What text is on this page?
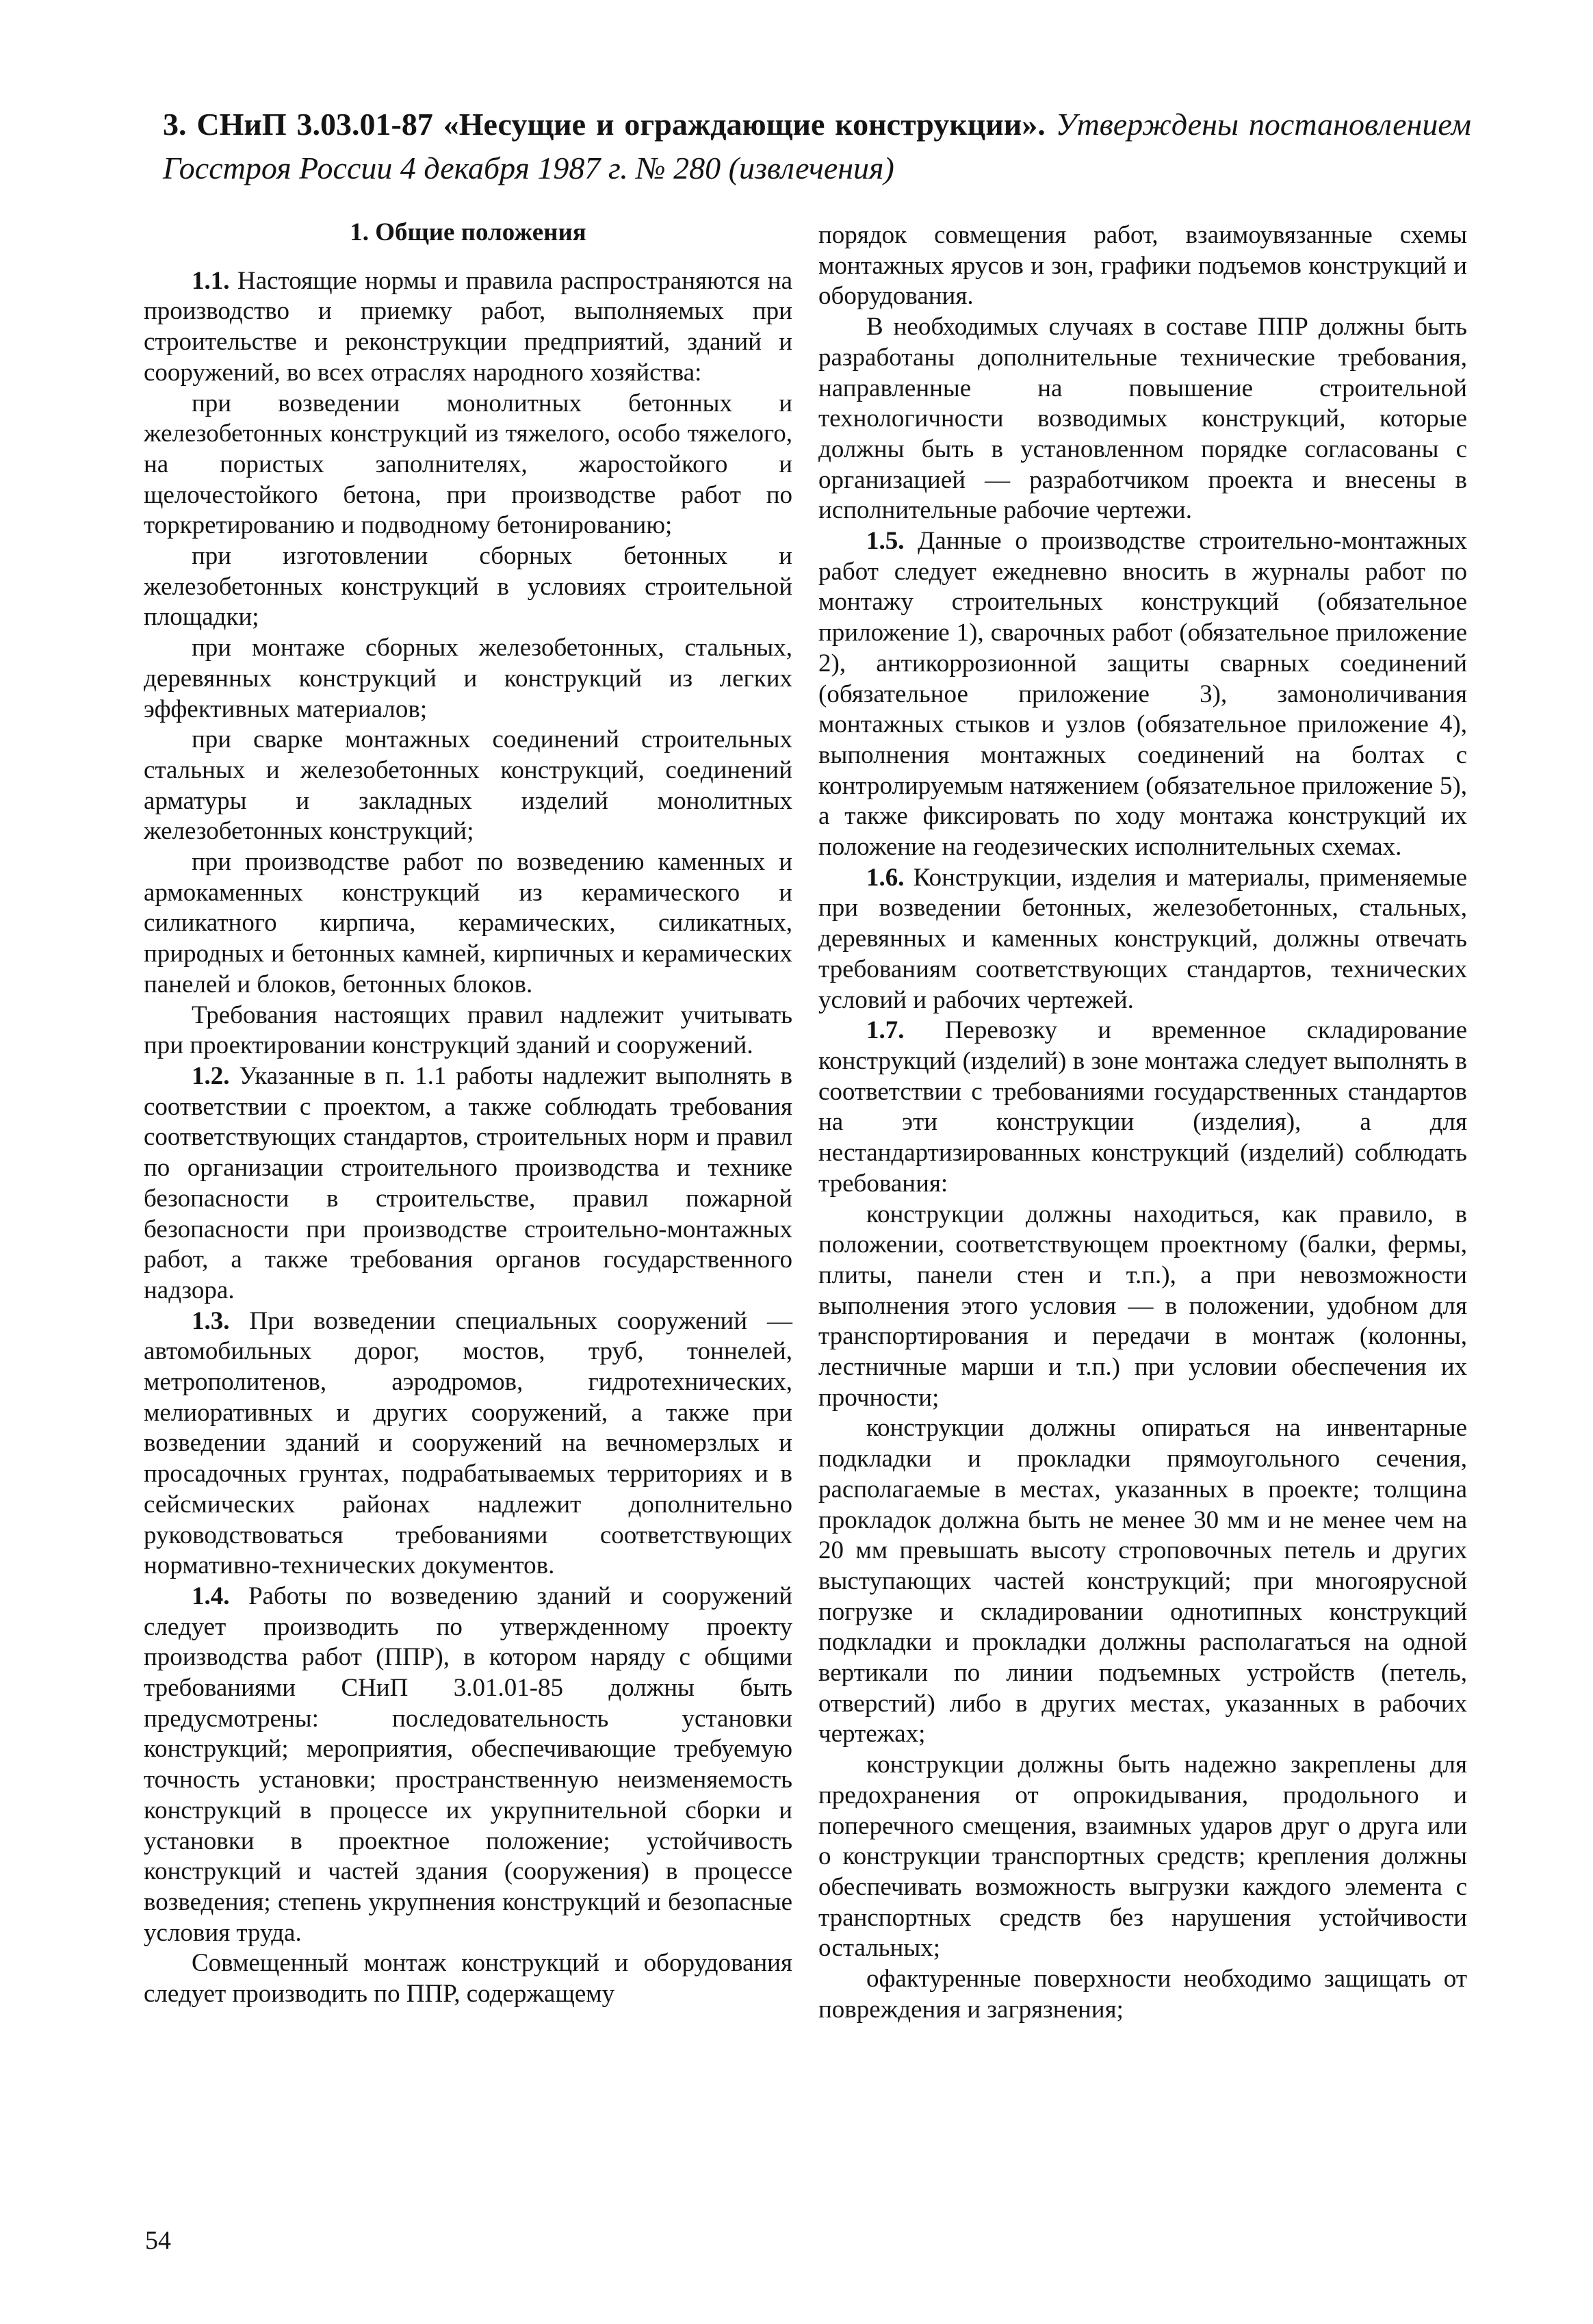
3. СНиП 3.03.01-87 «Несущие и ограждающие конструкции». Утверждены постановлением Госстроя России 4 декабря 1987 г. № 280 (извлечения)
1. Общие положения

1.1. Настоящие нормы и правила распространяются на производство и приемку работ, выполняемых при строительстве и реконструкции предприятий, зданий и сооружений, во всех отраслях народного хозяйства:

при возведении монолитных бетонных и железобетонных конструкций из тяжелого, особо тяжелого, на пористых заполнителях, жаростойкого и щелочестойкого бетона, при производстве работ по торкретированию и подводному бетонированию;

при изготовлении сборных бетонных и железобетонных конструкций в условиях строительной площадки;

при монтаже сборных железобетонных, стальных, деревянных конструкций и конструкций из легких эффективных материалов;

при сварке монтажных соединений строительных стальных и железобетонных конструкций, соединений арматуры и закладных изделий монолитных железобетонных конструкций;

при производстве работ по возведению каменных и армокаменных конструкций из керамического и силикатного кирпича, керамических, силикатных, природных и бетонных камней, кирпичных и керамических панелей и блоков, бетонных блоков.

Требования настоящих правил надлежит учитывать при проектировании конструкций зданий и сооружений.

1.2. Указанные в п. 1.1 работы надлежит выполнять в соответствии с проектом, а также соблюдать требования соответствующих стандартов, строительных норм и правил по организации строительного производства и технике безопасности в строительстве, правил пожарной безопасности при производстве строительно-монтажных работ, а также требования органов государственного надзора.

1.3. При возведении специальных сооружений — автомобильных дорог, мостов, труб, тоннелей, метрополитенов, аэродромов, гидротехнических, мелиоративных и других сооружений, а также при возведении зданий и сооружений на вечномерзлых и просадочных грунтах, подрабатываемых территориях и в сейсмических районах надлежит дополнительно руководствоваться требованиями соответствующих нормативно-технических документов.

1.4. Работы по возведению зданий и сооружений следует производить по утвержденному проекту производства работ (ППР), в котором наряду с общими требованиями СНиП 3.01.01-85 должны быть предусмотрены: последовательность установки конструкций; мероприятия, обеспечивающие требуемую точность установки; пространственную неизменяемость конструкций в процессе их укрупнительной сборки и установки в проектное положение; устойчивость конструкций и частей здания (сооружения) в процессе возведения; степень укрупнения конструкций и безопасные условия труда.

Совмещенный монтаж конструкций и оборудования следует производить по ППР, содержащему

порядок совмещения работ, взаимоувязанные схемы монтажных ярусов и зон, графики подъемов конструкций и оборудования.

В необходимых случаях в составе ППР должны быть разработаны дополнительные технические требования, направленные на повышение строительной технологичности возводимых конструкций, которые должны быть в установленном порядке согласованы с организацией — разработчиком проекта и внесены в исполнительные рабочие чертежи.

1.5. Данные о производстве строительно-монтажных работ следует ежедневно вносить в журналы работ по монтажу строительных конструкций (обязательное приложение 1), сварочных работ (обязательное приложение 2), антикоррозионной защиты сварных соединений (обязательное приложение 3), замоноличивания монтажных стыков и узлов (обязательное приложение 4), выполнения монтажных соединений на болтах с контролируемым натяжением (обязательное приложение 5), а также фиксировать по ходу монтажа конструкций их положение на геодезических исполнительных схемах.

1.6. Конструкции, изделия и материалы, применяемые при возведении бетонных, железобетонных, стальных, деревянных и каменных конструкций, должны отвечать требованиям соответствующих стандартов, технических условий и рабочих чертежей.

1.7. Перевозку и временное складирование конструкций (изделий) в зоне монтажа следует выполнять в соответствии с требованиями государственных стандартов на эти конструкции (изделия), а для нестандартизированных конструкций (изделий) соблюдать требования:

конструкции должны находиться, как правило, в положении, соответствующем проектному (балки, фермы, плиты, панели стен и т.п.), а при невозможности выполнения этого условия — в положении, удобном для транспортирования и передачи в монтаж (колонны, лестничные марши и т.п.) при условии обеспечения их прочности;

конструкции должны опираться на инвентарные подкладки и прокладки прямоугольного сечения, располагаемые в местах, указанных в проекте; толщина прокладок должна быть не менее 30 мм и не менее чем на 20 мм превышать высоту строповочных петель и других выступающих частей конструкций; при многоярусной погрузке и складировании однотипных конструкций подкладки и прокладки должны располагаться на одной вертикали по линии подъемных устройств (петель, отверстий) либо в других местах, указанных в рабочих чертежах;

конструкции должны быть надежно закреплены для предохранения от опрокидывания, продольного и поперечного смещения, взаимных ударов друг о друга или о конструкции транспортных средств; крепления должны обеспечивать возможность выгрузки каждого элемента с транспортных средств без нарушения устойчивости остальных;

офактуренные поверхности необходимо защищать от повреждения и загрязнения;

54
